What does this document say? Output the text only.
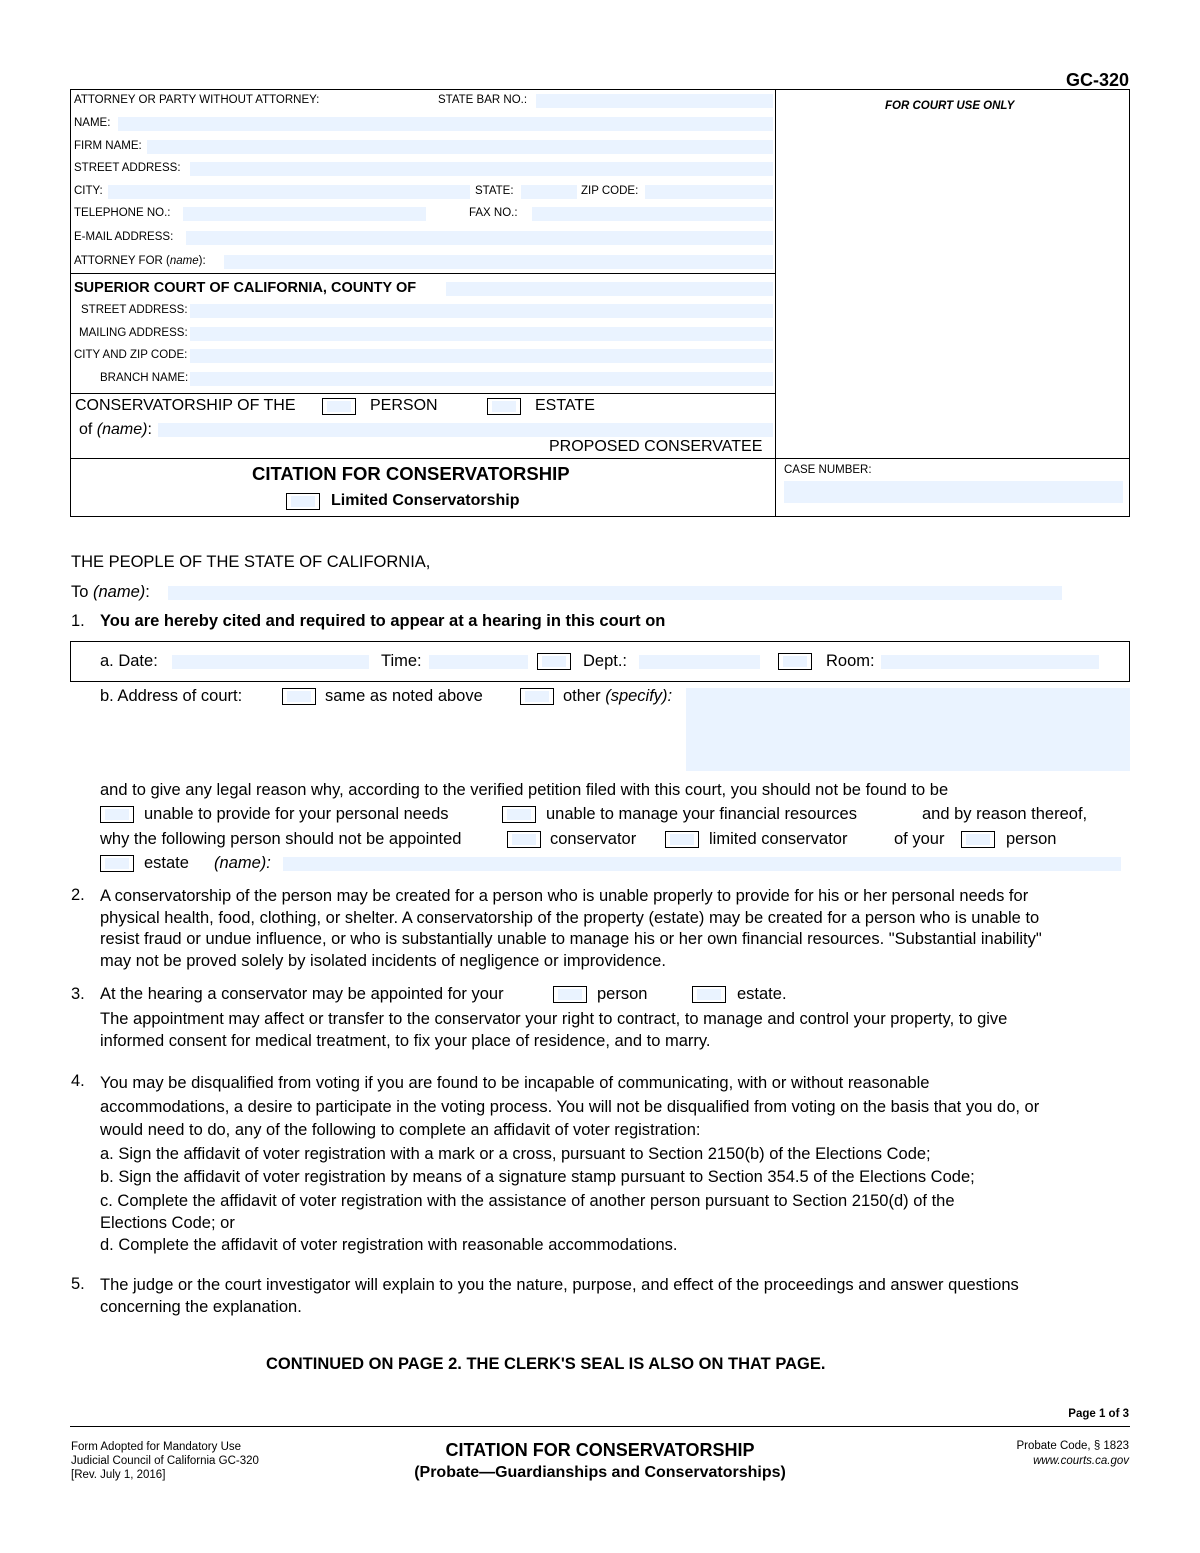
GC-320
ATTORNEY OR PARTY WITHOUT ATTORNEY:	STATE BAR NO.:
NAME:
FIRM NAME:
STREET ADDRESS:
CITY:	STATE:	ZIP CODE:
TELEPHONE NO.:	FAX NO.:
E-MAIL ADDRESS:
ATTORNEY FOR (name):
FOR COURT USE ONLY
SUPERIOR COURT OF CALIFORNIA, COUNTY OF
STREET ADDRESS:
MAILING ADDRESS:
CITY AND ZIP CODE:
BRANCH NAME:
CONSERVATORSHIP OF THE	PERSON	ESTATE
of (name):
PROPOSED CONSERVATEE
CITATION FOR CONSERVATORSHIP
Limited Conservatorship
CASE NUMBER:
THE PEOPLE OF THE STATE OF CALIFORNIA,
To (name):
1. You are hereby cited and required to appear at a hearing in this court on
a. Date:	Time:	Dept.:	Room:
b. Address of court:	same as noted above	other (specify):
and to give any legal reason why, according to the verified petition filed with this court, you should not be found to be
unable to provide for your personal needs	unable to manage your financial resources	and by reason thereof,
why the following person should not be appointed	conservator	limited conservator	of your	person
estate (name):
2. A conservatorship of the person may be created for a person who is unable properly to provide for his or her personal needs for
physical health, food, clothing, or shelter. A conservatorship of the property (estate) may be created for a person who is unable to
resist fraud or undue influence, or who is substantially unable to manage his or her own financial resources. "Substantial inability"
may not be proved solely by isolated incidents of negligence or improvidence.
3. At the hearing a conservator may be appointed for your	person	estate.
The appointment may affect or transfer to the conservator your right to contract, to manage and control your property, to give
informed consent for medical treatment, to fix your place of residence, and to marry.
4. You may be disqualified from voting if you are found to be incapable of communicating, with or without reasonable
accommodations, a desire to participate in the voting process. You will not be disqualified from voting on the basis that you do, or
would need to do, any of the following to complete an affidavit of voter registration:
a. Sign the affidavit of voter registration with a mark or a cross, pursuant to Section 2150(b) of the Elections Code;
b. Sign the affidavit of voter registration by means of a signature stamp pursuant to Section 354.5 of the Elections Code;
c. Complete the affidavit of voter registration with the assistance of another person pursuant to Section 2150(d) of the
Elections Code; or
d. Complete the affidavit of voter registration with reasonable accommodations.
5. The judge or the court investigator will explain to you the nature, purpose, and effect of the proceedings and answer questions
concerning the explanation.
CONTINUED ON PAGE 2. THE CLERK'S SEAL IS ALSO ON THAT PAGE.
Page 1 of 3
Form Adopted for Mandatory Use
Judicial Council of California GC-320
[Rev. July 1, 2016]
CITATION FOR CONSERVATORSHIP
(Probate—Guardianships and Conservatorships)
Probate Code, § 1823
www.courts.ca.gov
